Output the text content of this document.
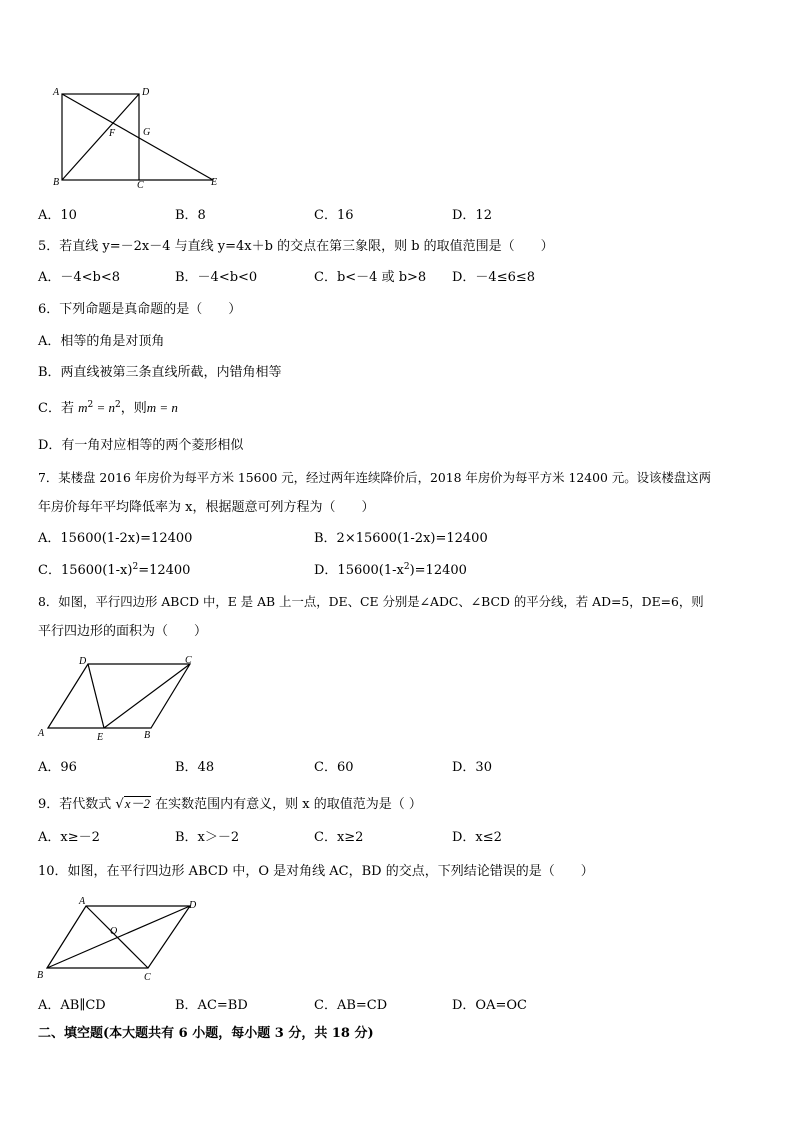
A	D
F	G
B	C	E
A．10	B．8	C．16	D．12
5．若直线 y=－2x－4 与直线 y=4x＋b 的交点在第三象限，则 b 的取值范围是（　　）
A．－4<b<8	B．－4<b<0	C．b<－4 或 b>8 D．－4≤6≤8
6．下列命题是真命题的是（　　）
A．相等的角是对顶角
B．两直线被第三条直线所截，内错角相等
C．若 $m^2 = n^2$，则m = n
D．有一角对应相等的两个菱形相似
7．某楼盘 2016 年房价为每平方米 15600 元，经过两年连续降价后，2018 年房价为每平方米 12400 元。设该楼盘这两
年房价每年平均降低率为 x，根据题意可列方程为（　　）
A．15600(1-2x)=12400	B．2×15600(1-2x)=12400
C．$15600(1-x)^2=12400$	D．$15600(1-x^2)=12400$
8．如图，平行四边形 ABCD 中，E 是 AB 上一点，DE、CE 分别是∠ADC、∠BCD 的平分线，若 AD=5，DE=6，则
平行四边形的面积为（　　）
D	C
A	E	B
A．96	B．48	C．60	D．30
9．若代数式 √x－2 在实数范围内有意义，则 x 的取值范为是（ ）
A．x≥－2	B．x＞－2	C．x≥2	D．x≤2
10．如图，在平行四边形 ABCD 中，O 是对角线 AC，BD 的交点，下列结论错误的是（　　）
A	D
O
B	C
A．AB∥CD	B．AC=BD	C．AB=CD	D．OA=OC
二、填空题(本大题共有 6 小题，每小题 3 分，共 18 分)
